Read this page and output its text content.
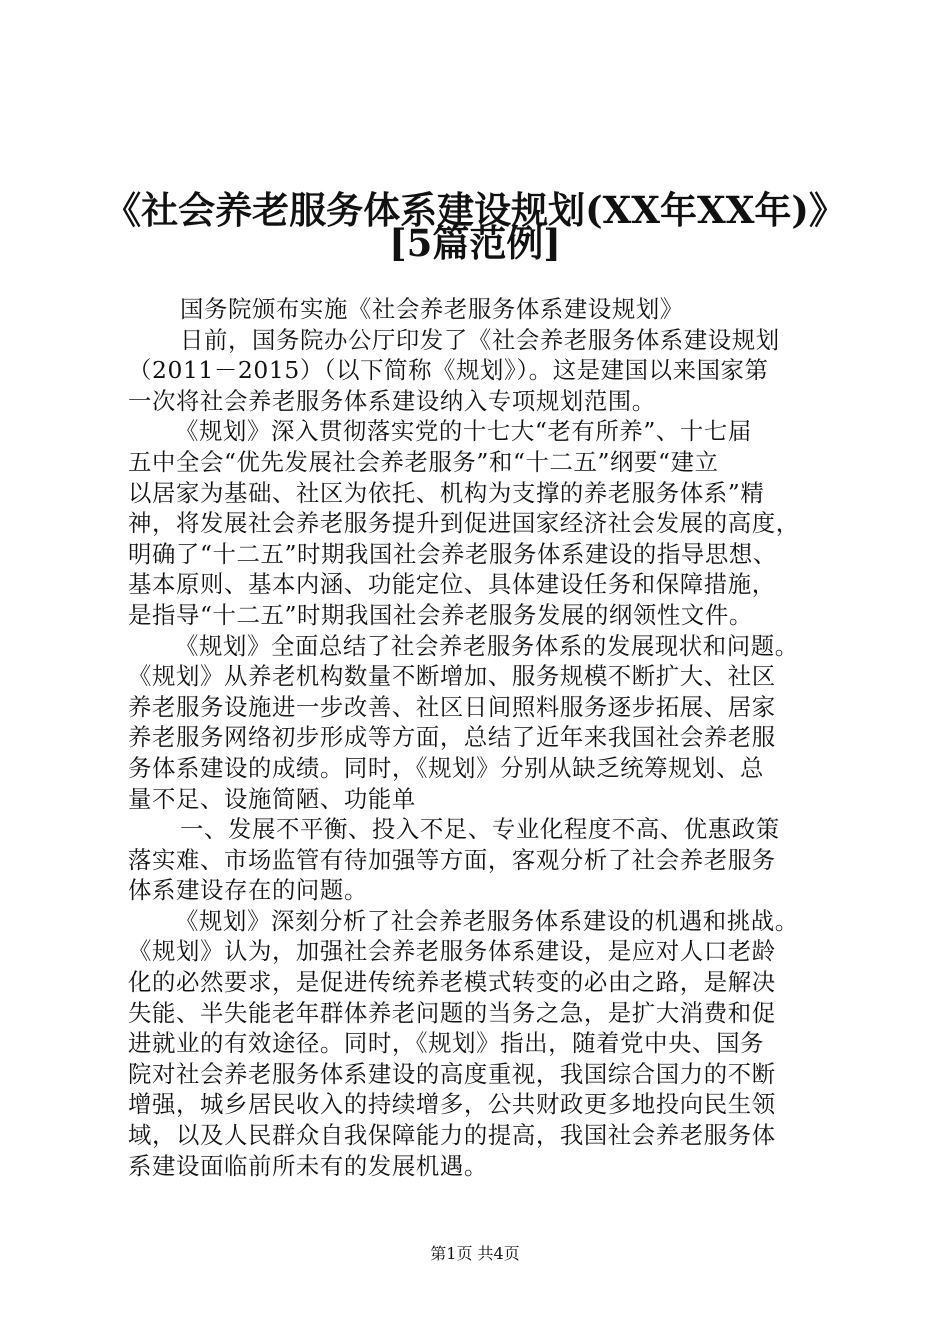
《社会养老服务体系建设规划(XX年XX年)》
[5篇范例]
国务院颁布实施《社会养老服务体系建设规划》
日前，国务院办公厅印发了《社会养老服务体系建设规划
（2011－2015）（以下简称《规划》）。这是建国以来国家第
一次将社会养老服务体系建设纳入专项规划范围。
《规划》深入贯彻落实党的十七大“老有所养”、十七届
五中全会“优先发展社会养老服务”和“十二五”纲要“建立
以居家为基础、社区为依托、机构为支撑的养老服务体系”精
神，将发展社会养老服务提升到促进国家经济社会发展的高度，
明确了“十二五”时期我国社会养老服务体系建设的指导思想、
基本原则、基本内涵、功能定位、具体建设任务和保障措施，
是指导“十二五”时期我国社会养老服务发展的纲领性文件。
《规划》全面总结了社会养老服务体系的发展现状和问题。
《规划》从养老机构数量不断增加、服务规模不断扩大、社区
养老服务设施进一步改善、社区日间照料服务逐步拓展、居家
养老服务网络初步形成等方面，总结了近年来我国社会养老服
务体系建设的成绩。同时，《规划》分别从缺乏统筹规划、总
量不足、设施简陋、功能单
一、发展不平衡、投入不足、专业化程度不高、优惠政策
落实难、市场监管有待加强等方面，客观分析了社会养老服务
体系建设存在的问题。
《规划》深刻分析了社会养老服务体系建设的机遇和挑战。
《规划》认为，加强社会养老服务体系建设，是应对人口老龄
化的必然要求，是促进传统养老模式转变的必由之路，是解决
失能、半失能老年群体养老问题的当务之急，是扩大消费和促
进就业的有效途径。同时，《规划》指出，随着党中央、国务
院对社会养老服务体系建设的高度重视，我国综合国力的不断
增强，城乡居民收入的持续增多，公共财政更多地投向民生领
域，以及人民群众自我保障能力的提高，我国社会养老服务体
系建设面临前所未有的发展机遇。
第1页 共4页
